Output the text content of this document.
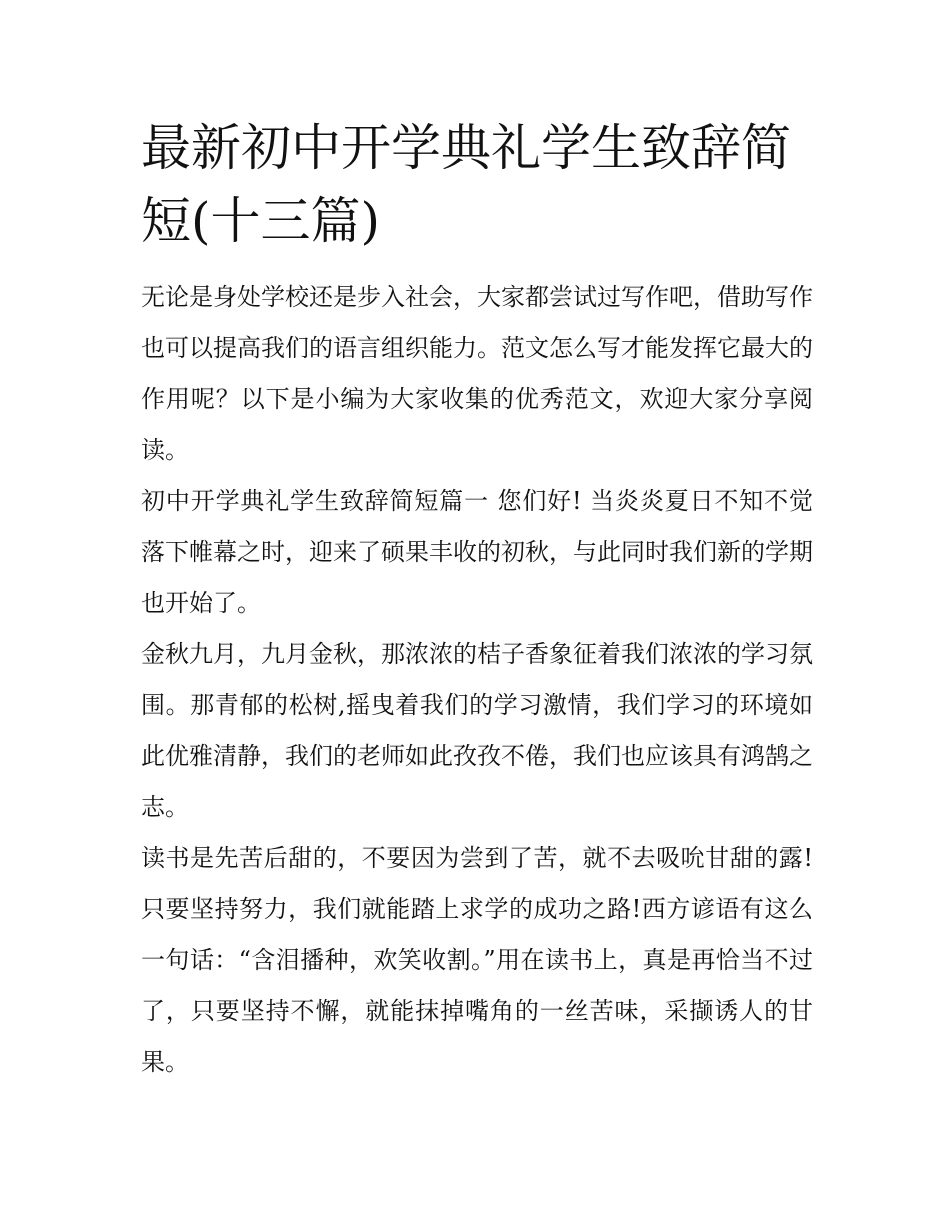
最新初中开学典礼学生致辞简短(十三篇)

无论是身处学校还是步入社会，大家都尝试过写作吧，借助写作也可以提高我们的语言组织能力。范文怎么写才能发挥它最大的作用呢？以下是小编为大家收集的优秀范文，欢迎大家分享阅读。

初中开学典礼学生致辞简短篇一 您们好! 当炎炎夏日不知不觉落下帷幕之时，迎来了硕果丰收的初秋，与此同时我们新的学期也开始了。

金秋九月，九月金秋，那浓浓的桔子香象征着我们浓浓的学习氛围。那青郁的松树,摇曳着我们的学习激情，我们学习的环境如此优雅清静，我们的老师如此孜孜不倦，我们也应该具有鸿鹄之志。

读书是先苦后甜的，不要因为尝到了苦，就不去吸吮甘甜的露!只要坚持努力，我们就能踏上求学的成功之路!西方谚语有这么一句话：“含泪播种，欢笑收割。”用在读书上，真是再恰当不过了，只要坚持不懈，就能抹掉嘴角的一丝苦味，采撷诱人的甘果。
